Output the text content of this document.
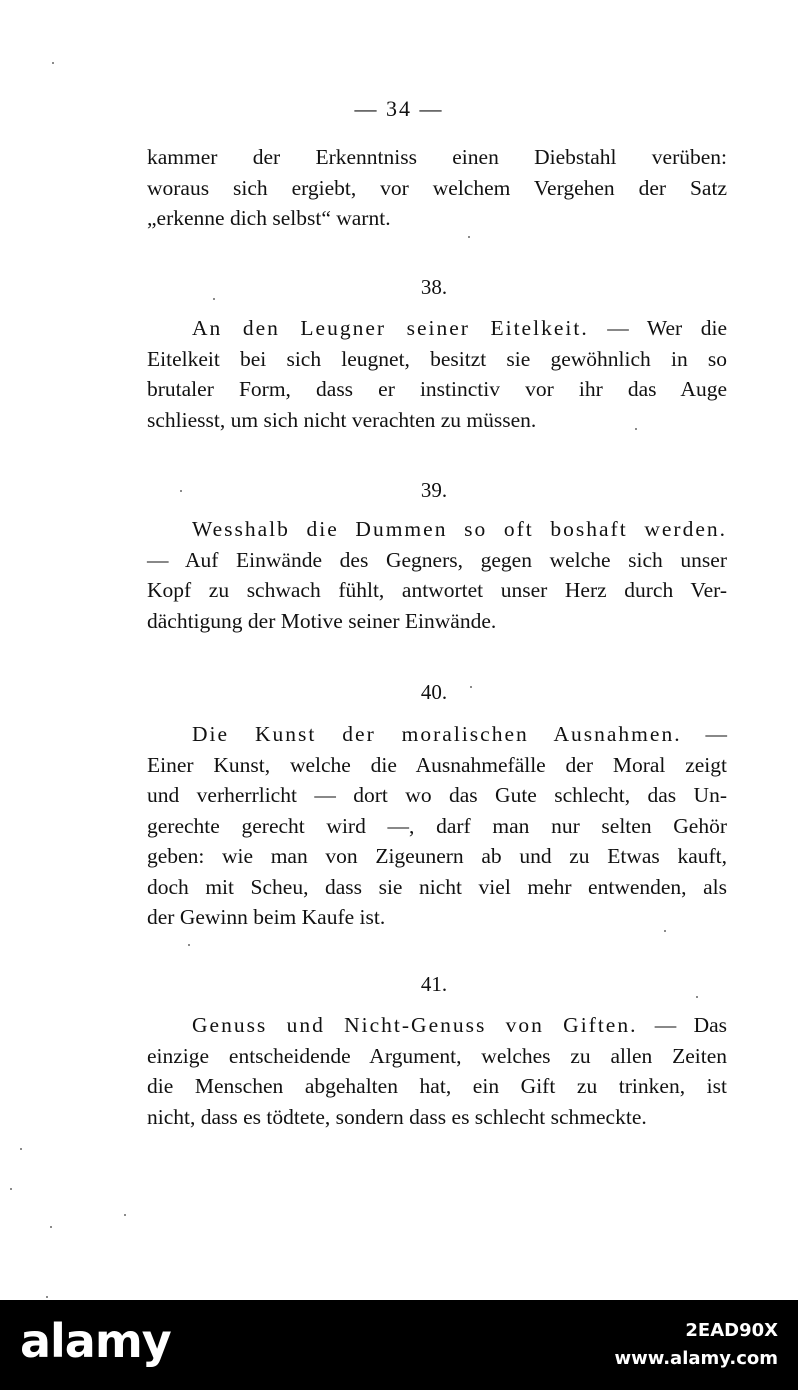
— 34 —
kammer der Erkenntniss einen Diebstahl verüben:
woraus sich ergiebt, vor welchem Vergehen der Satz
„erkenne dich selbst“ warnt.
38.
An den Leugner seiner Eitelkeit. — Wer die
Eitelkeit bei sich leugnet, besitzt sie gewöhnlich in so
brutaler Form, dass er instinctiv vor ihr das Auge
schliesst, um sich nicht verachten zu müssen.
39.
Wesshalb die Dummen so oft boshaft werden.
— Auf Einwände des Gegners, gegen welche sich unser
Kopf zu schwach fühlt, antwortet unser Herz durch Ver-
dächtigung der Motive seiner Einwände.
40.
Die Kunst der moralischen Ausnahmen. —
Einer Kunst, welche die Ausnahmefälle der Moral zeigt
und verherrlicht — dort wo das Gute schlecht, das Un-
gerechte gerecht wird —, darf man nur selten Gehör
geben: wie man von Zigeunern ab und zu Etwas kauft,
doch mit Scheu, dass sie nicht viel mehr entwenden, als
der Gewinn beim Kaufe ist.
41.
Genuss und Nicht-Genuss von Giften. — Das
einzige entscheidende Argument, welches zu allen Zeiten
die Menschen abgehalten hat, ein Gift zu trinken, ist
nicht, dass es tödtete, sondern dass es schlecht schmeckte.
alamy	2EAD90X
www.alamy.com
